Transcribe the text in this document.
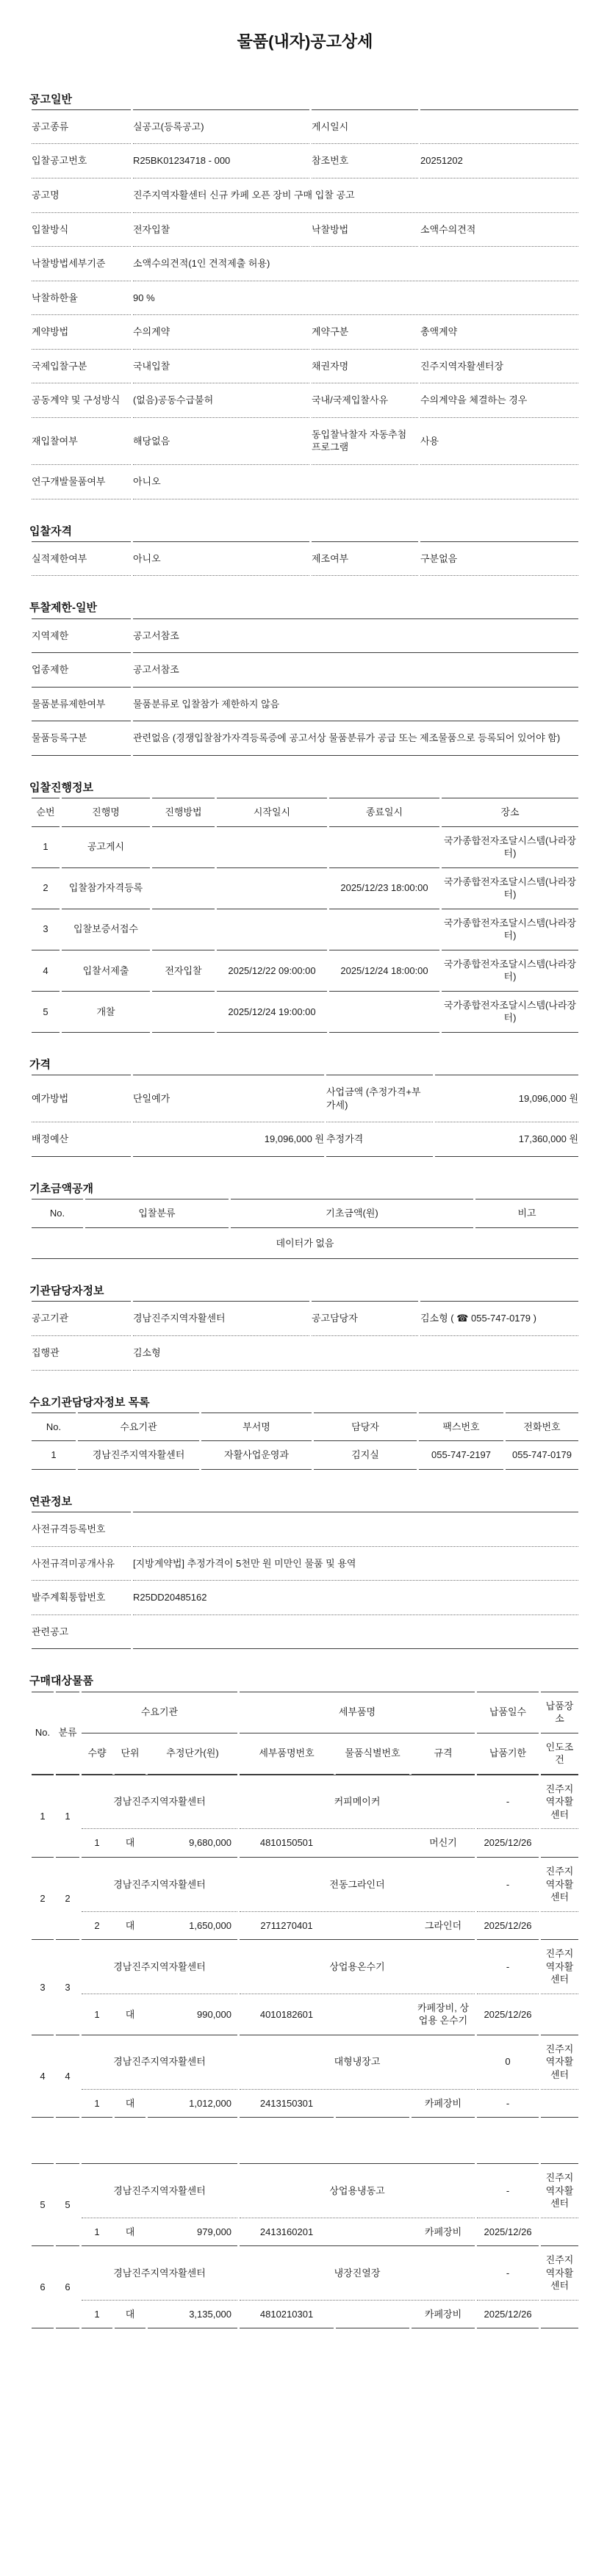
물품(내자)공고상세
공고일반
공고종류	실공고(등록공고)	게시일시	
입찰공고번호	R25BK01234718 - 000	참조번호	20251202
공고명	진주지역자활센터 신규 카페 오픈 장비 구매 입찰 공고		
입찰방식	전자입찰	낙찰방법	소액수의견적
낙찰방법세부기준	소액수의견적(1인 견적제출 허용)		
낙찰하한율	90 %		
계약방법	수의계약	계약구분	총액계약
국제입찰구분	국내입찰	채권자명	진주지역자활센터장
공동계약 및 구성방식	(없음)공동수급불허	국내/국제입찰사유	수의계약을 체결하는 경우
재입찰여부	해당없음	동입찰낙찰자 자동추첨 프로그램	사용
연구개발물품여부	아니오		
입찰자격
실적제한여부	아니오	제조여부	구분없음
투찰제한-일반
지역제한	공고서참조
업종제한	공고서참조
물품분류제한여부	물품분류로 입찰참가 제한하지 않음
물품등록구분	관련없음 (경쟁입찰참가자격등록증에 공고서상 물품분류가 공급 또는 제조물품으로 등록되어 있어야 함)
입찰진행정보
순번	진행명	진행방법	시작일시	종료일시	장소
1	공고게시				국가종합전자조달시스템(나라장터)
2	입찰참가자격등록			2025/12/23 18:00:00	국가종합전자조달시스템(나라장터)
3	입찰보증서접수				국가종합전자조달시스템(나라장터)
4	입찰서제출	전자입찰	2025/12/22 09:00:00	2025/12/24 18:00:00	국가종합전자조달시스템(나라장터)
5	개찰		2025/12/24 19:00:00		국가종합전자조달시스템(나라장터)
가격
예가방법	단일예가	사업금액 (추정가격+부가세)	19,096,000 원
배정예산	19,096,000 원	추정가격	17,360,000 원
기초금액공개
No.	입찰분류	기초금액(원)	비고
데이터가 없음
기관담당자정보
공고기관	경남진주지역자활센터	공고담당자	김소형 ( ☎ 055-747-0179 )
집행관	김소형		
수요기관담당자정보 목록
No.	수요기관	부서명	담당자	팩스번호	전화번호
1	경남진주지역자활센터	자활사업운영과	김지실	055-747-2197	055-747-0179
연관정보
사전규격등록번호	
사전규격미공개사유	[지방계약법] 추정가격이 5천만 원 미만인 물품 및 용역
발주계획통합번호	R25DD20485162
관련공고	
구매대상물품
No.	분류	수요기관			세부품명			납품일수	납품장소
		수량	단위	추정단가(원)	세부품명번호	물품식별번호	규격	납품기한	인도조건
1	1	경남진주지역자활센터			커피메이커			-	진주지역자활센터
		1	대	9,680,000	4810150501		머신기	2025/12/26	
2	2	경남진주지역자활센터			전동그라인더			-	진주지역자활센터
		2	대	1,650,000	2711270401		그라인더	2025/12/26	
3	3	경남진주지역자활센터			상업용온수기			-	진주지역자활센터
		1	대	990,000	4010182601		카페장비, 상업용 온수기	2025/12/26	
4	4	경남진주지역자활센터			대형냉장고			0	진주지역자활센터
		1	대	1,012,000	2413150301		카페장비	-	
5	5	경남진주지역자활센터			상업용냉동고			-	진주지역자활센터
		1	대	979,000	2413160201		카페장비	2025/12/26	
6	6	경남진주지역자활센터			냉장진열장			-	진주지역자활센터
		1	대	3,135,000	4810210301		카페장비	2025/12/26	
